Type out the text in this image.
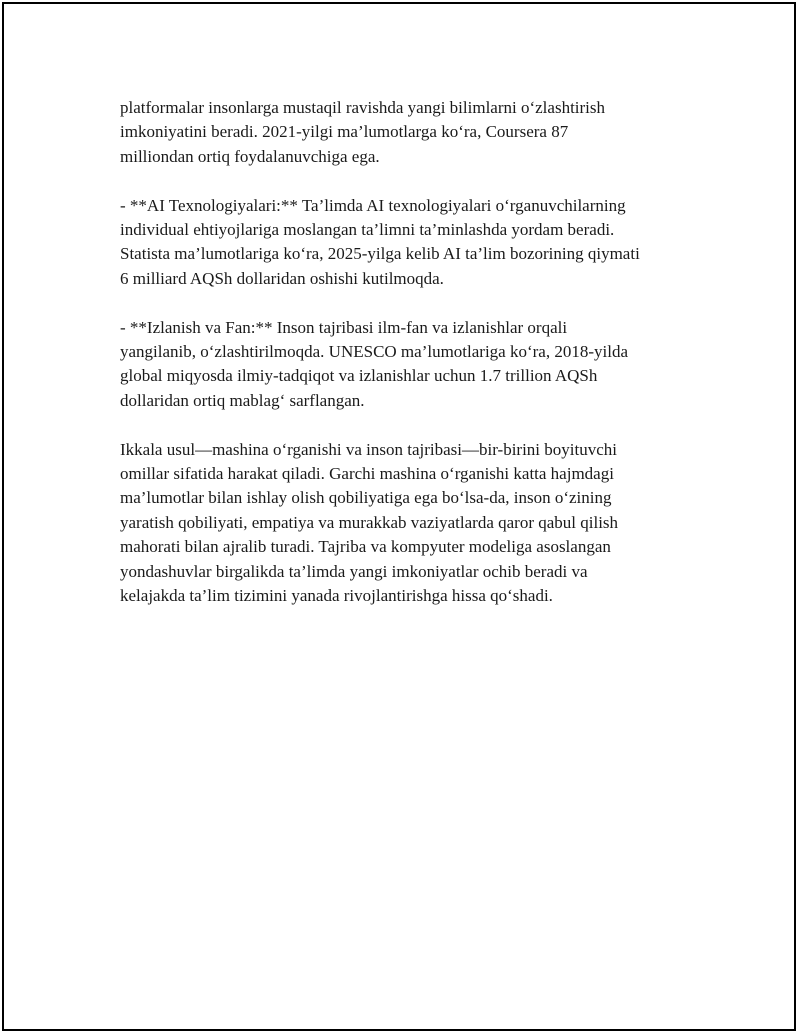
platformalar insonlarga mustaqil ravishda yangi bilimlarni o‘zlashtirish
imkoniyatini beradi. 2021-yilgi ma’lumotlarga ko‘ra, Coursera 87
milliondan ortiq foydalanuvchiga ega.

- **AI Texnologiyalari:** Ta’limda AI texnologiyalari o‘rganuvchilarning
individual ehtiyojlariga moslangan ta’limni ta’minlashda yordam beradi.
Statista ma’lumotlariga ko‘ra, 2025-yilga kelib AI ta’lim bozorining qiymati
6 milliard AQSh dollaridan oshishi kutilmoqda.

- **Izlanish va Fan:** Inson tajribasi ilm-fan va izlanishlar orqali
yangilanib, o‘zlashtirilmoqda. UNESCO ma’lumotlariga ko‘ra, 2018-yilda
global miqyosda ilmiy-tadqiqot va izlanishlar uchun 1.7 trillion AQSh
dollaridan ortiq mablag‘ sarflangan.

Ikkala usul—mashina o‘rganishi va inson tajribasi—bir-birini boyituvchi
omillar sifatida harakat qiladi. Garchi mashina o‘rganishi katta hajmdagi
ma’lumotlar bilan ishlay olish qobiliyatiga ega bo‘lsa-da, inson o‘zining
yaratish qobiliyati, empatiya va murakkab vaziyatlarda qaror qabul qilish
mahorati bilan ajralib turadi. Tajriba va kompyuter modeliga asoslangan
yondashuvlar birgalikda ta’limda yangi imkoniyatlar ochib beradi va
kelajakda ta’lim tizimini yanada rivojlantirishga hissa qo‘shadi.
